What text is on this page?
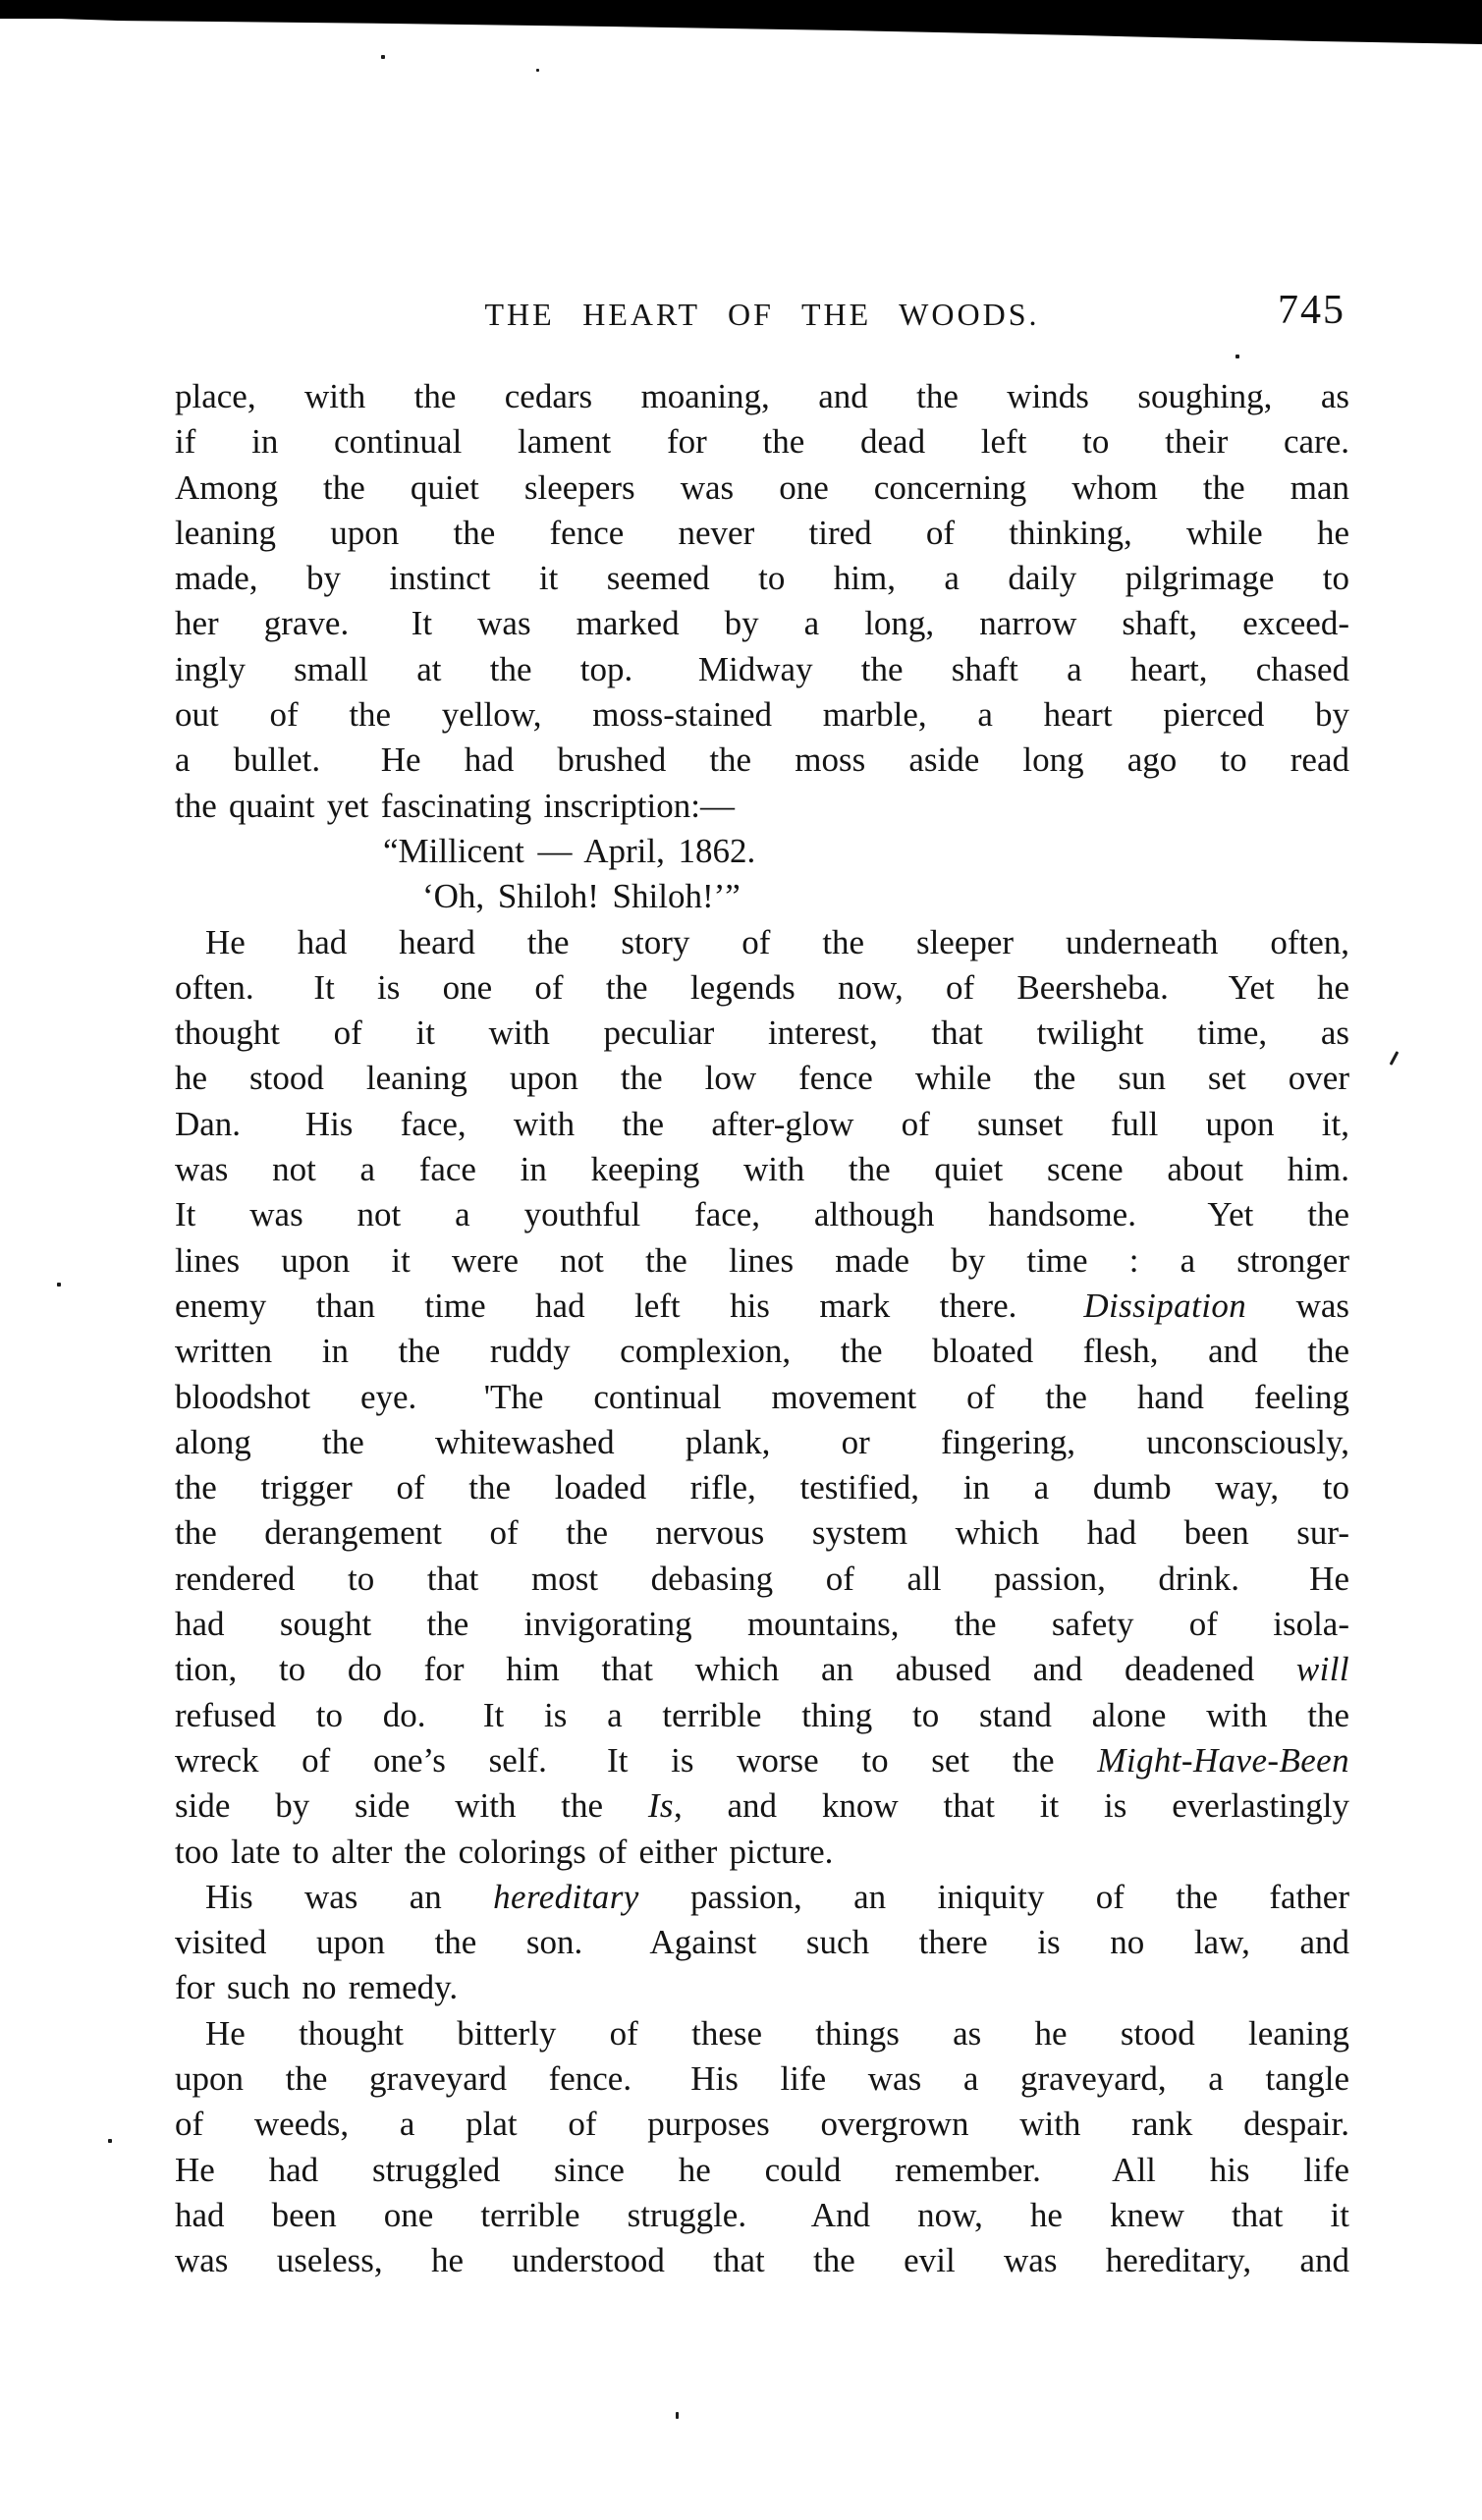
THE HEART OF THE WOODS.	745
place, with the cedars moaning, and the winds soughing, as
if in continual lament for the dead left to their care.
Among the quiet sleepers was one concerning whom the man
leaning upon the fence never tired of thinking, while he
made, by instinct it seemed to him, a daily pilgrimage to
her grave.  It was marked by a long, narrow shaft, exceed-
ingly small at the top.  Midway the shaft a heart, chased
out of the yellow, moss-stained marble, a heart pierced by
a bullet.  He had brushed the moss aside long ago to read
the quaint yet fascinating inscription:—
“Millicent — April, 1862.
‘Oh, Shiloh! Shiloh!’”
He had heard the story of the sleeper underneath often,
often.  It is one of the legends now, of Beersheba.  Yet he
thought of it with peculiar interest, that twilight time, as
he stood leaning upon the low fence while the sun set over
Dan.  His face, with the after-glow of sunset full upon it,
was not a face in keeping with the quiet scene about him.
It was not a youthful face, although handsome.  Yet the
lines upon it were not the lines made by time : a stronger
enemy than time had left his mark there.  Dissipation was
written in the ruddy complexion, the bloated flesh, and the
bloodshot eye.  'The continual movement of the hand feeling
along the whitewashed plank, or fingering, unconsciously,
the trigger of the loaded rifle, testified, in a dumb way, to
the derangement of the nervous system which had been sur-
rendered to that most debasing of all passion, drink.  He
had sought the invigorating mountains, the safety of isola-
tion, to do for him that which an abused and deadened will
refused to do.  It is a terrible thing to stand alone with the
wreck of one’s self.  It is worse to set the Might-Have-Been
side by side with the Is, and know that it is everlastingly
too late to alter the colorings of either picture.
His was an hereditary passion, an iniquity of the father
visited upon the son.  Against such there is no law, and
for such no remedy.
He thought bitterly of these things as he stood leaning
upon the graveyard fence.  His life was a graveyard, a tangle
of weeds, a plat of purposes overgrown with rank despair.
He had struggled since he could remember.  All his life
had been one terrible struggle.  And now, he knew that it
was useless, he understood that the evil was hereditary, and
